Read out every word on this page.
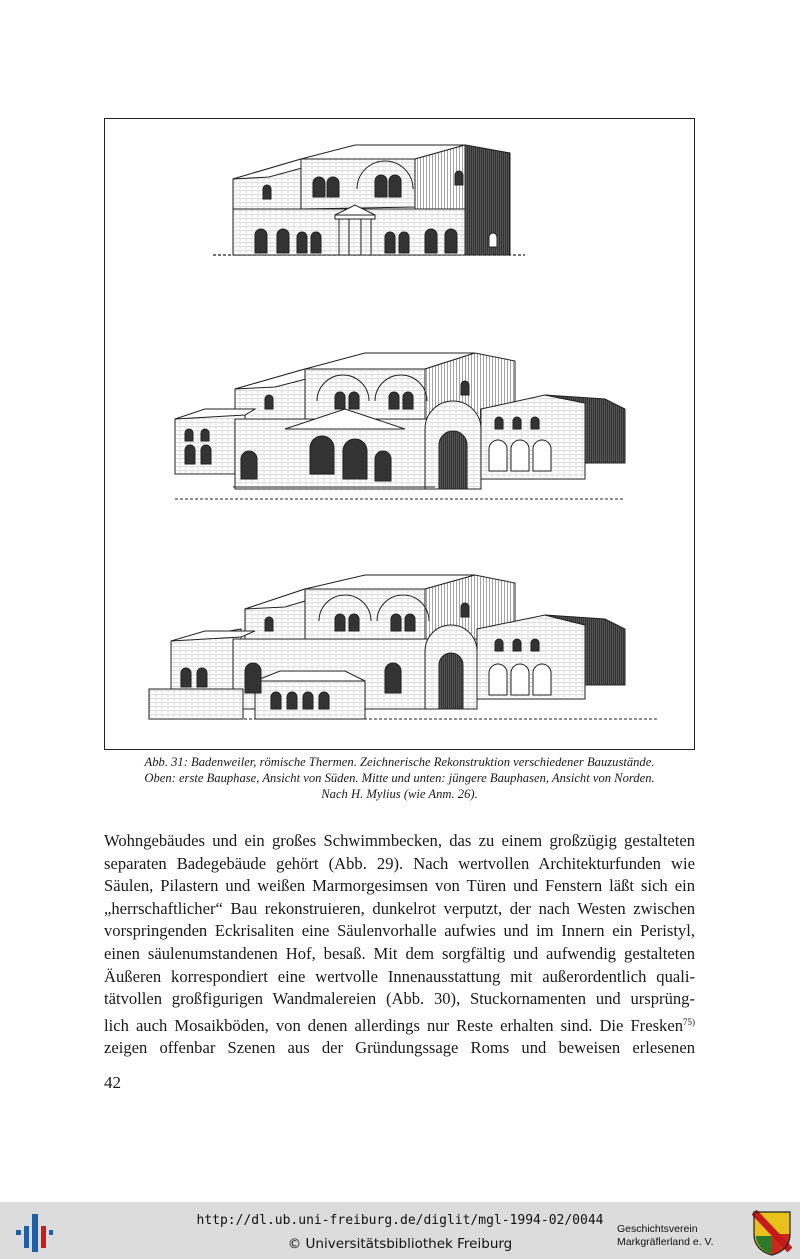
Abb. 31: Badenweiler, römische Thermen. Zeichnerische Rekonstruktion verschiedener Bauzustände.
Oben: erste Bauphase, Ansicht von Süden. Mitte und unten: jüngere Bauphasen, Ansicht von Norden.
Nach H. Mylius (wie Anm. 26).
Wohngebäudes und ein großes Schwimmbecken, das zu einem großzügig gestalteten
separaten Badegebäude gehört (Abb. 29). Nach wertvollen Architekturfunden wie
Säulen, Pilastern und weißen Marmorgesimsen von Türen und Fenstern läßt sich ein
„herrschaftlicher“ Bau rekonstruieren, dunkelrot verputzt, der nach Westen zwischen
vorspringenden Eckrisaliten eine Säulenvorhalle aufwies und im Innern ein Peristyl,
einen säulenumstandenen Hof, besaß. Mit dem sorgfältig und aufwendig gestalteten
Äußeren korrespondiert eine wertvolle Innenausstattung mit außerordentlich quali-
tätvollen großfigurigen Wandmalereien (Abb. 30), Stuckornamenten und ursprüng-
lich auch Mosaikböden, von denen allerdings nur Reste erhalten sind. Die Fresken$^{75)}$
zeigen offenbar Szenen aus der Gründungssage Roms und beweisen erlesenen
42
http://dl.ub.uni-freiburg.de/diglit/mgl-1994-02/0044
© Universitätsbibliothek Freiburg
Geschichtsverein
Markgräflerland e. V.
